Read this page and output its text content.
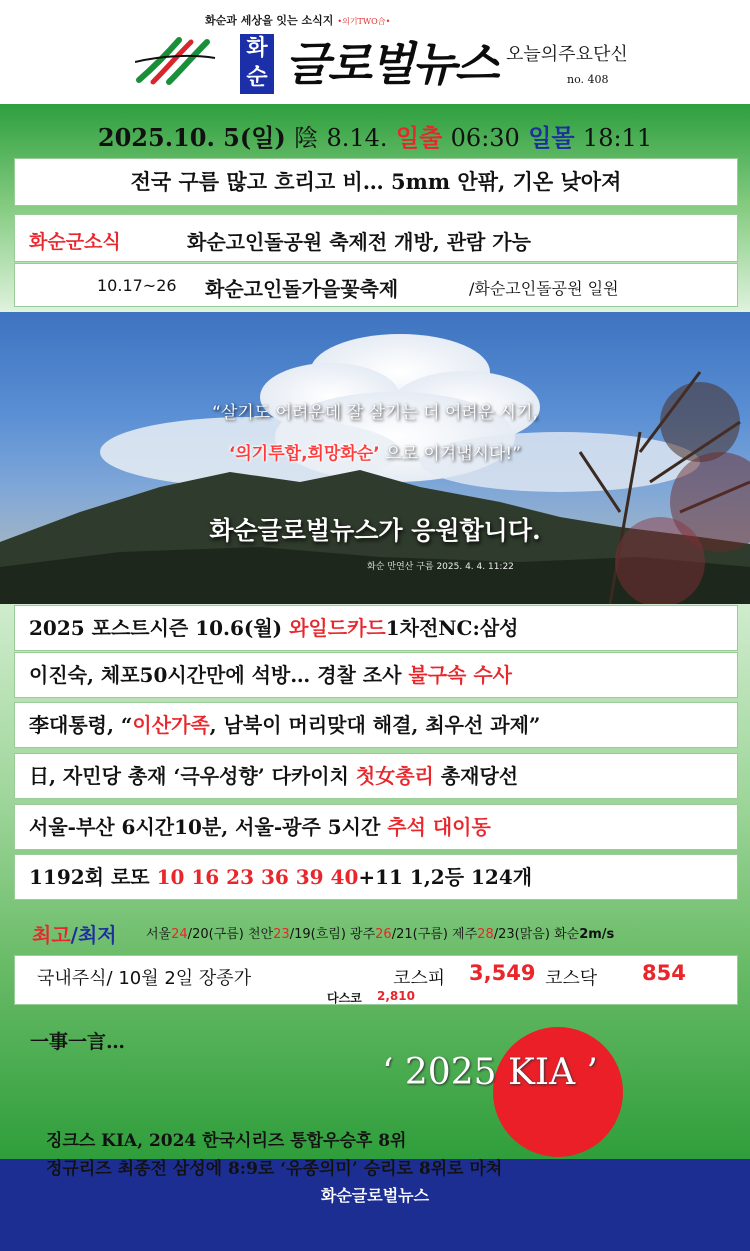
화순과 세상을 잇는 소식지 •의기TWO合•
화
순 글로벌뉴스 오늘의주요단신
no. 408
2025.10. 5(일) 陰 8.14. 일출 06:30 일몰 18:11
전국 구름 많고 흐리고 비… 5mm 안팎, 기온 낮아져
화순군소식	화순고인돌공원 축제전 개방, 관람 가능
10.17~26 화순고인돌가을꽃축제	/화순고인돌공원 일원
“살기도 어려운데 잘 살기는 더 어려운 시기,
‘의기투합,희망화순’ 으로 이겨냅시다!”
화순글로벌뉴스가 응원합니다.
화순 만연산 구름 2025. 4. 4. 11:22
2025 포스트시즌 10.6(월) 와일드카드1차전NC:삼성
이진숙, 체포50시간만에 석방… 경찰 조사 불구속 수사
李대통령, “이산가족, 남북이 머리맞대 해결, 최우선 과제”
日, 자민당 총재 ‘극우성향’ 다카이치 첫女총리 총재당선
서울-부산 6시간10분, 서울-광주 5시간 추석 대이동
1192회 로또 10 16 23 36 39 40+11 1,2등 124개
최고/최저 서울24/20(구름) 천안23/19(흐림) 광주26/21(구름) 제주28/23(맑음) 화순2m/s
국내주식/ 10월 2일 장종가	코스피 3,549 코스닥 854
다스코 2,810
一事一言…
‘ 2025 KIA ’
징크스 KIA, 2024 한국시리즈 통합우승후 8위
정규리즈 최종전 삼성에 8:9로 ‘유종의미’ 승리로 8위로 마쳐
화순글로벌뉴스
